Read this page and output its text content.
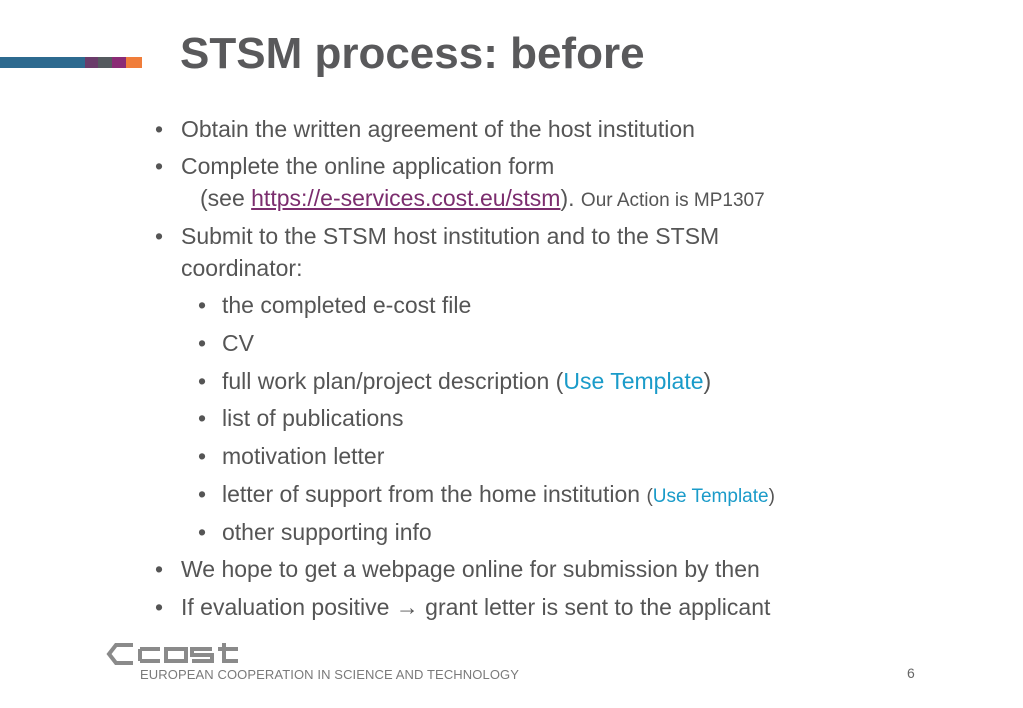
STSM process: before
• Obtain the written agreement of the host institution
• Complete the online application form
(see https://e-services.cost.eu/stsm). Our Action is MP1307
• Submit to the STSM host institution and to the STSM
coordinator:
• the completed e-cost file
• CV
• full work plan/project description (Use Template)
• list of publications
• motivation letter
• letter of support from the home institution (Use Template)
• other supporting info
• We hope to get a webpage online for submission by then
• If evaluation positive → grant letter is sent to the applicant
EUROPEAN COOPERATION IN SCIENCE AND TECHNOLOGY	6
